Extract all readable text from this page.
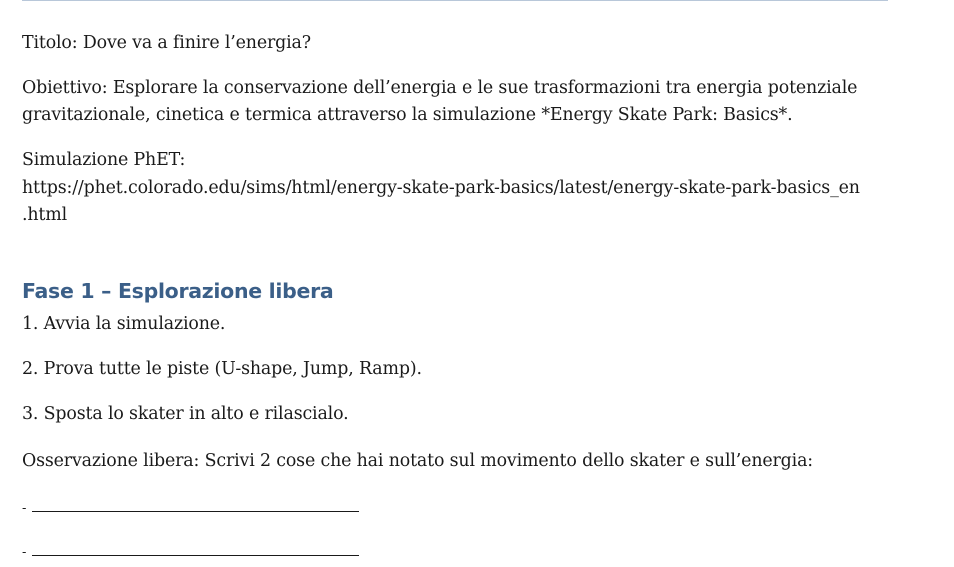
Titolo: Dove va a finire l’energia?
Obiettivo: Esplorare la conservazione dell’energia e le sue trasformazioni tra energia potenziale
gravitazionale, cinetica e termica attraverso la simulazione *Energy Skate Park: Basics*.
Simulazione PhET:
https://phet.colorado.edu/sims/html/energy-skate-park-basics/latest/energy-skate-park-basics_en
.html
Fase 1 – Esplorazione libera
1. Avvia la simulazione.
2. Prova tutte le piste (U-shape, Jump, Ramp).
3. Sposta lo skater in alto e rilascialo.
Osservazione libera: Scrivi 2 cose che hai notato sul movimento dello skater e sull’energia:
-
-
